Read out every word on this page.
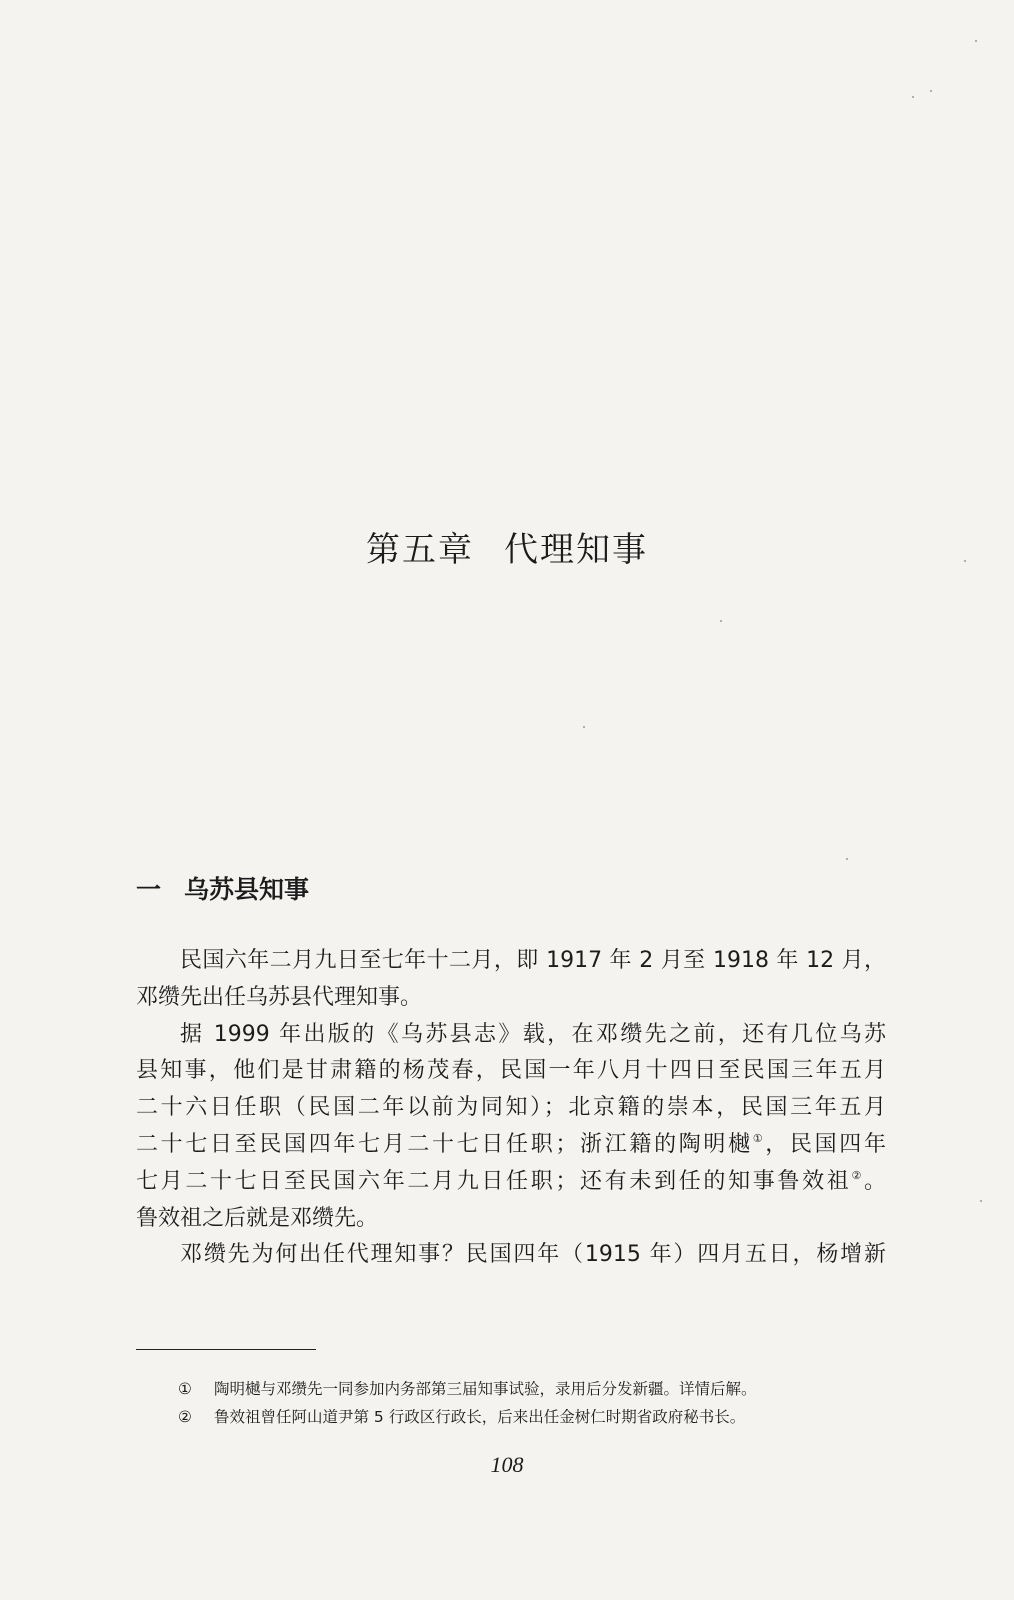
第五章 代理知事
一 乌苏县知事
民国六年二月九日至七年十二月，即 1917 年 2 月至 1918 年 12 月，
邓缵先出任乌苏县代理知事。
据 1999 年出版的《乌苏县志》载，在邓缵先之前，还有几位乌苏
县知事，他们是甘肃籍的杨茂春，民国一年八月十四日至民国三年五月
二十六日任职（民国二年以前为同知）；北京籍的崇本，民国三年五月
二十七日至民国四年七月二十七日任职；浙江籍的陶明樾①，民国四年
七月二十七日至民国六年二月九日任职；还有未到任的知事鲁效祖②。
鲁效祖之后就是邓缵先。
邓缵先为何出任代理知事？民国四年（1915 年）四月五日，杨增新
① 陶明樾与邓缵先一同参加内务部第三届知事试验，录用后分发新疆。详情后解。
② 鲁效祖曾任阿山道尹第 5 行政区行政长，后来出任金树仁时期省政府秘书长。
108
